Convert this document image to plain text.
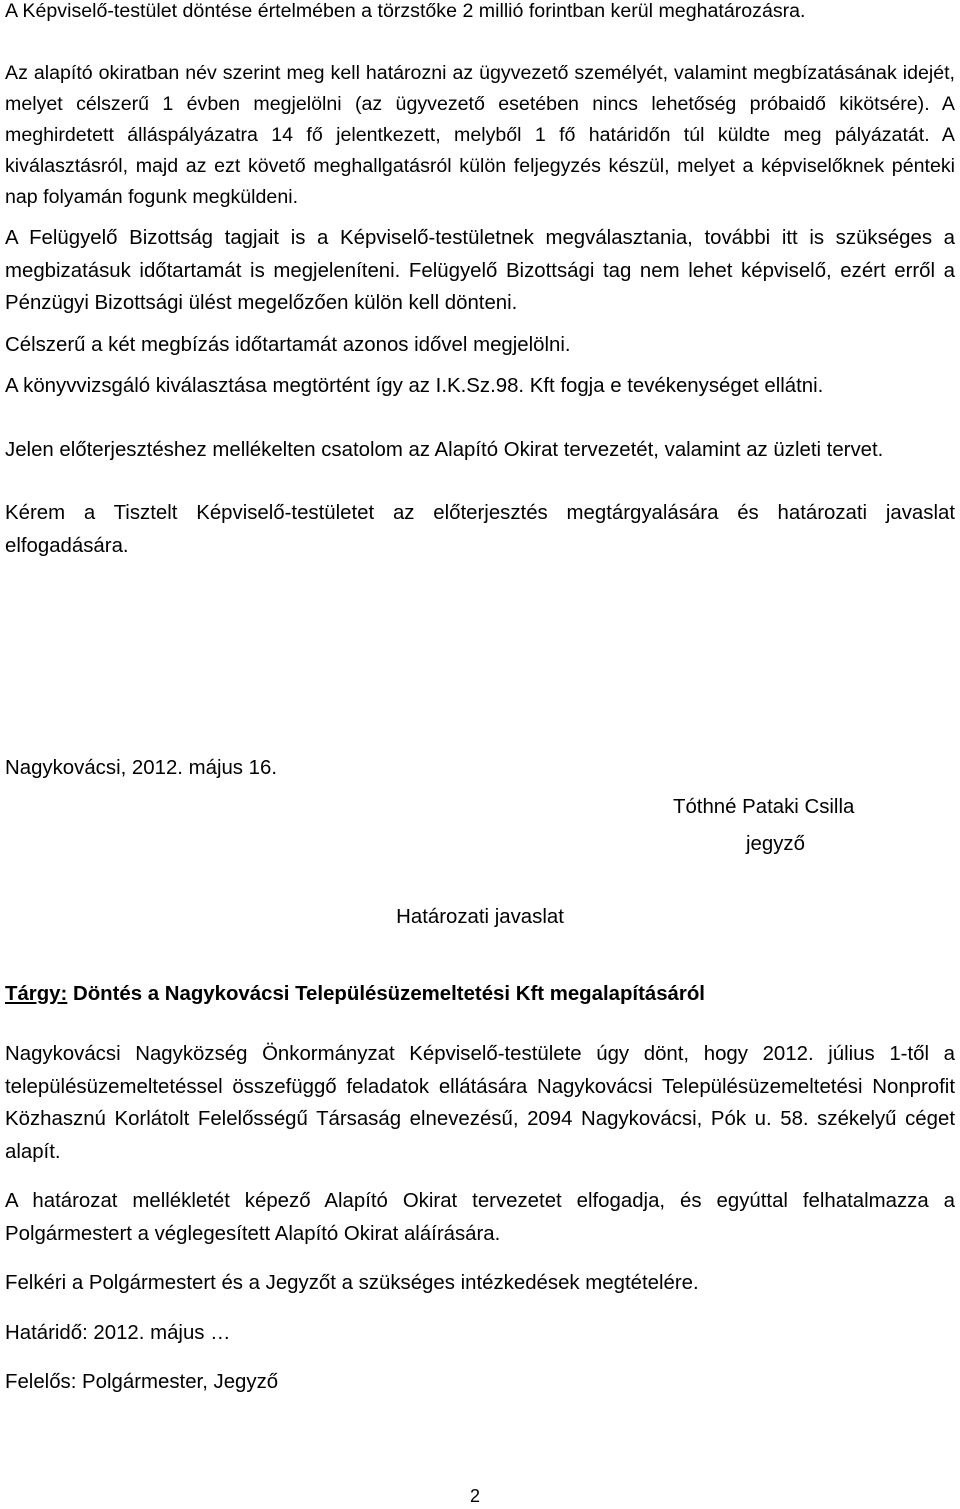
A Képviselő-testület döntése értelmében a törzstőke 2 millió forintban kerül meghatározásra.

Az alapító okiratban név szerint meg kell határozni az ügyvezető személyét, valamint megbízatásának idejét, melyet célszerű 1 évben megjelölni (az ügyvezető esetében nincs lehetőség próbaidő kikötsére). A meghirdetett álláspályázatra 14 fő jelentkezett, melyből 1 fő határidőn túl küldte meg pályázatát. A kiválasztásról, majd az ezt követő meghallgatásról külön feljegyzés készül, melyet a képviselőknek pénteki nap folyamán fogunk megküldeni.

A Felügyelő Bizottság tagjait is a Képviselő-testületnek megválasztania, további itt is szükséges a megbizatásuk időtartamát is megjeleníteni. Felügyelő Bizottsági tag nem lehet képviselő, ezért erről a Pénzügyi Bizottsági ülést megelőzően külön kell dönteni.

Célszerű a két megbízás időtartamát azonos idővel megjelölni.

A könyvvizsgáló kiválasztása megtörtént így az I.K.Sz.98. Kft fogja e tevékenységet ellátni.

Jelen előterjesztéshez mellékelten csatolom az Alapító Okirat tervezetét, valamint az üzleti tervet.

Kérem a Tisztelt Képviselő-testületet az előterjesztés megtárgyalására és határozati javaslat elfogadására.

Nagykovácsi, 2012. május 16.

Tóthné Pataki Csilla
jegyző
Határozati javaslat
Tárgy: Döntés a Nagykovácsi Településüzemeltetési Kft megalapításáról

Nagykovácsi Nagyközség Önkormányzat Képviselő-testülete úgy dönt, hogy 2012. július 1-től a településüzemeltetéssel összefüggő feladatok ellátására Nagykovácsi Településüzemeltetési Nonprofit Közhasznú Korlátolt Felelősségű Társaság elnevezésű, 2094 Nagykovácsi, Pók u. 58. székelyű céget alapít.

A határozat mellékletét képező Alapító Okirat tervezetet elfogadja, és egyúttal felhatalmazza a Polgármestert a véglegesített Alapító Okirat aláírására.

Felkéri a Polgármestert és a Jegyzőt a szükséges intézkedések megtételére.

Határidő: 2012. május …

Felelős: Polgármester, Jegyző

2
